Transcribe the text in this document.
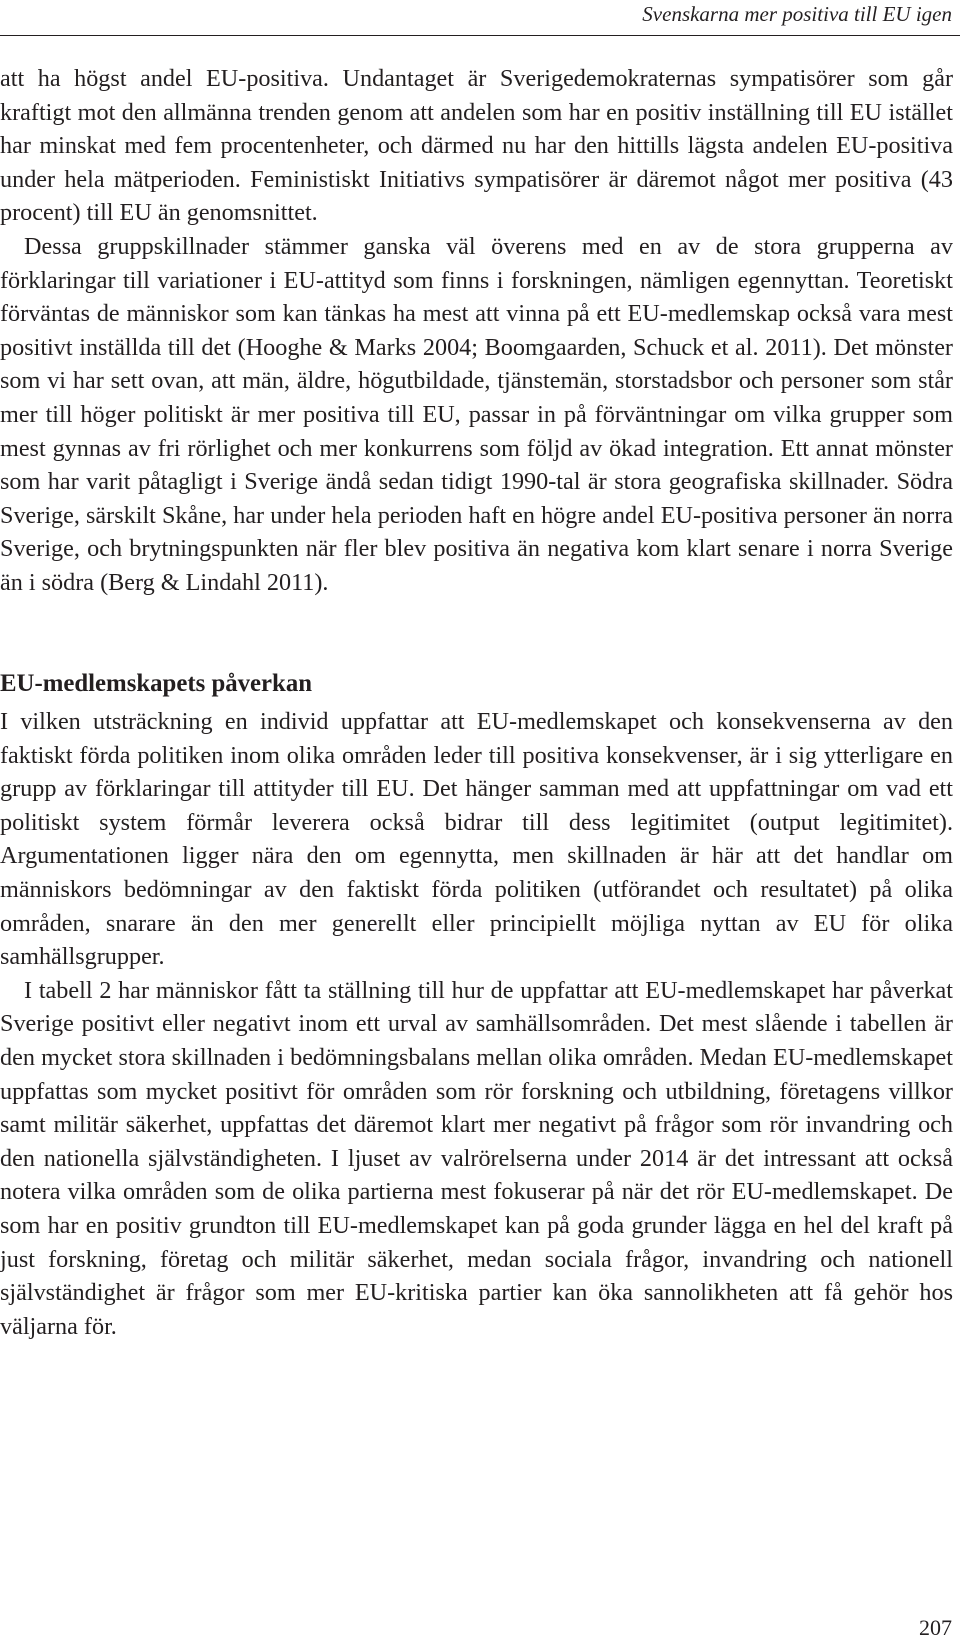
Svenskarna mer positiva till EU igen

att ha högst andel EU-positiva. Undantaget är Sverigedemokraternas sympatisörer som går kraftigt mot den allmänna trenden genom att andelen som har en positiv inställning till EU istället har minskat med fem procentenheter, och därmed nu har den hittills lägsta andelen EU-positiva under hela mätperioden. Feministiskt Initiativs sympatisörer är däremot något mer positiva (43 procent) till EU än genomsnittet.

Dessa gruppskillnader stämmer ganska väl överens med en av de stora grupperna av förklaringar till variationer i EU-attityd som finns i forskningen, nämligen egennyttan. Teoretiskt förväntas de människor som kan tänkas ha mest att vinna på ett EU-medlemskap också vara mest positivt inställda till det (Hooghe & Marks 2004; Boomgaarden, Schuck et al. 2011). Det mönster som vi har sett ovan, att män, äldre, högutbildade, tjänstemän, storstadsbor och personer som står mer till höger politiskt är mer positiva till EU, passar in på förväntningar om vilka grupper som mest gynnas av fri rörlighet och mer konkurrens som följd av ökad integration. Ett annat mönster som har varit påtagligt i Sverige ändå sedan tidigt 1990-tal är stora geografiska skillnader. Södra Sverige, särskilt Skåne, har under hela perioden haft en högre andel EU-positiva personer än norra Sverige, och brytningspunkten när fler blev positiva än negativa kom klart senare i norra Sverige än i södra (Berg & Lindahl 2011).

EU-medlemskapets påverkan

I vilken utsträckning en individ uppfattar att EU-medlemskapet och konsekvenserna av den faktiskt förda politiken inom olika områden leder till positiva konsekvenser, är i sig ytterligare en grupp av förklaringar till attityder till EU. Det hänger samman med att uppfattningar om vad ett politiskt system förmår leverera också bidrar till dess legitimitet (output legitimitet). Argumentationen ligger nära den om egennytta, men skillnaden är här att det handlar om människors bedömningar av den faktiskt förda politiken (utförandet och resultatet) på olika områden, snarare än den mer generellt eller principiellt möjliga nyttan av EU för olika samhällsgrupper.

I tabell 2 har människor fått ta ställning till hur de uppfattar att EU-medlemskapet har påverkat Sverige positivt eller negativt inom ett urval av samhällsområden. Det mest slående i tabellen är den mycket stora skillnaden i bedömningsbalans mellan olika områden. Medan EU-medlemskapet uppfattas som mycket positivt för områden som rör forskning och utbildning, företagens villkor samt militär säkerhet, uppfattas det däremot klart mer negativt på frågor som rör invandring och den nationella självständigheten. I ljuset av valrörelserna under 2014 är det intressant att också notera vilka områden som de olika partierna mest fokuserar på när det rör EU-medlemskapet. De som har en positiv grundton till EU-medlemskapet kan på goda grunder lägga en hel del kraft på just forskning, företag och militär säkerhet, medan sociala frågor, invandring och nationell självständighet är frågor som mer EU-kritiska partier kan öka sannolikheten att få gehör hos väljarna för.

207
